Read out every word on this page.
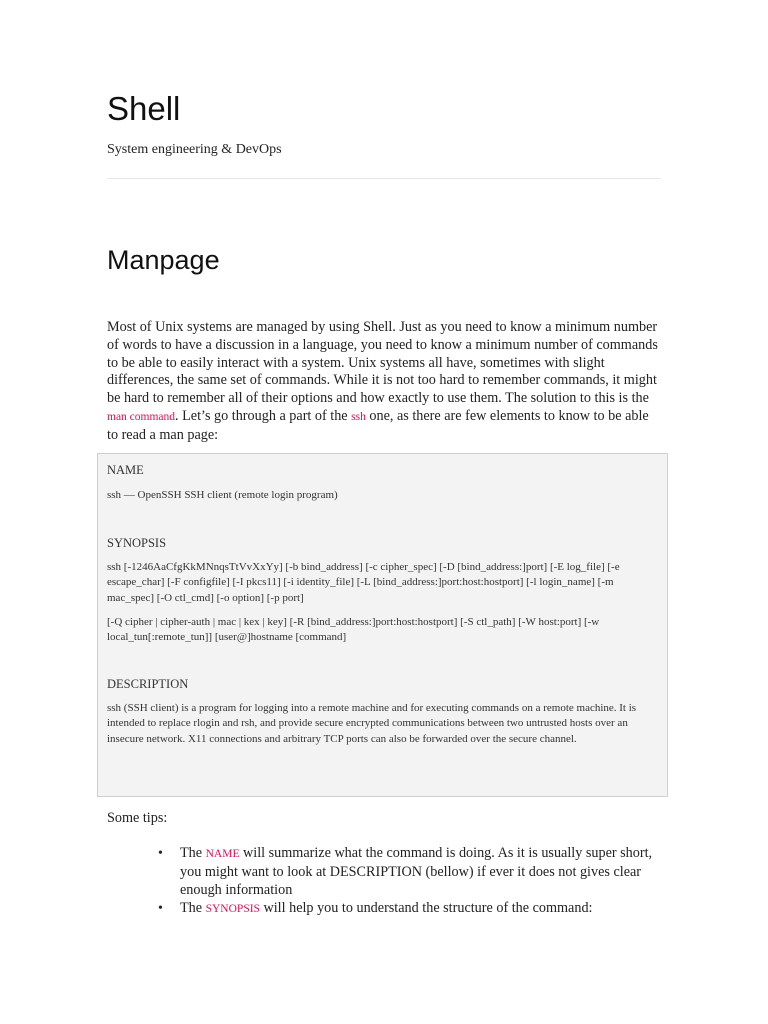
Shell

System engineering & DevOps

Manpage

Most of Unix systems are managed by using Shell. Just as you need to know a minimum number of words to have a discussion in a language, you need to know a minimum number of commands to be able to easily interact with a system. Unix systems all have, sometimes with slight differences, the same set of commands. While it is not too hard to remember commands, it might be hard to remember all of their options and how exactly to use them. The solution to this is the man command. Let’s go through a part of the ssh one, as there are few elements to know to be able to read a man page:

NAME

ssh — OpenSSH SSH client (remote login program)

SYNOPSIS

ssh [-1246AaCfgKkMNnqsTtVvXxYy] [-b bind_address] [-c cipher_spec] [-D [bind_address:]port] [-E log_file] [-e escape_char] [-F configfile] [-I pkcs11] [-i identity_file] [-L [bind_address:]port:host:hostport] [-l login_name] [-m mac_spec] [-O ctl_cmd] [-o option] [-p port]

[-Q cipher | cipher-auth | mac | kex | key] [-R [bind_address:]port:host:hostport] [-S ctl_path] [-W host:port] [-w local_tun[:remote_tun]] [user@]hostname [command]

DESCRIPTION

ssh (SSH client) is a program for logging into a remote machine and for executing commands on a remote machine. It is intended to replace rlogin and rsh, and provide secure encrypted communications between two untrusted hosts over an insecure network. X11 connections and arbitrary TCP ports can also be forwarded over the secure channel.

Some tips:

• The NAME will summarize what the command is doing. As it is usually super short, you might want to look at DESCRIPTION (bellow) if ever it does not gives clear enough information
• The SYNOPSIS will help you to understand the structure of the command:
